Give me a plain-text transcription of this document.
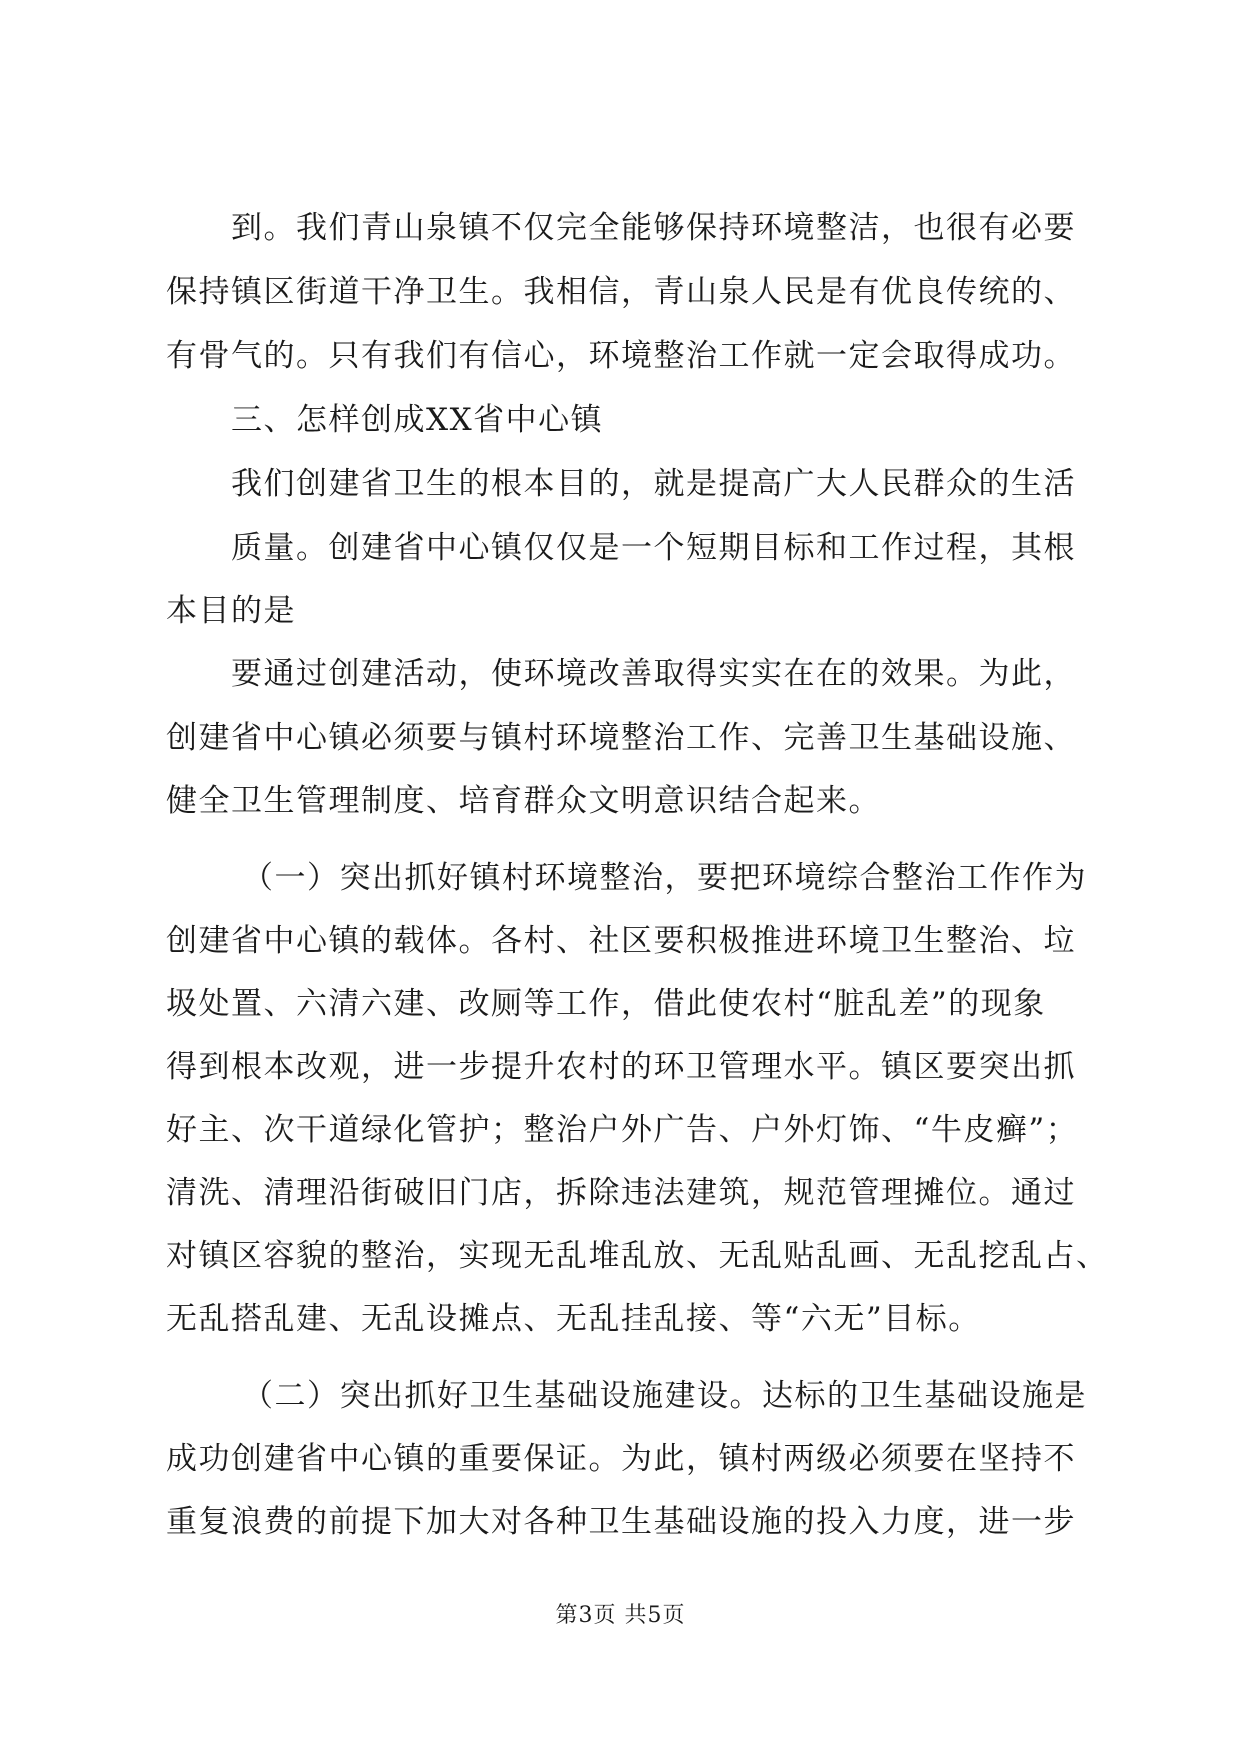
到。我们青山泉镇不仅完全能够保持环境整洁，也很有必要
保持镇区街道干净卫生。我相信，青山泉人民是有优良传统的、
有骨气的。只有我们有信心，环境整治工作就一定会取得成功。
三、怎样创成XX省中心镇
我们创建省卫生的根本目的，就是提高广大人民群众的生活
质量。创建省中心镇仅仅是一个短期目标和工作过程，其根
本目的是
要通过创建活动，使环境改善取得实实在在的效果。为此，
创建省中心镇必须要与镇村环境整治工作、完善卫生基础设施、
健全卫生管理制度、培育群众文明意识结合起来。
（一）突出抓好镇村环境整治，要把环境综合整治工作作为
创建省中心镇的载体。各村、社区要积极推进环境卫生整治、垃
圾处置、六清六建、改厕等工作，借此使农村“脏乱差”的现象
得到根本改观，进一步提升农村的环卫管理水平。镇区要突出抓
好主、次干道绿化管护；整治户外广告、户外灯饰、“牛皮癣”；
清洗、清理沿街破旧门店，拆除违法建筑，规范管理摊位。通过
对镇区容貌的整治，实现无乱堆乱放、无乱贴乱画、无乱挖乱占、
无乱搭乱建、无乱设摊点、无乱挂乱接、等“六无”目标。
（二）突出抓好卫生基础设施建设。达标的卫生基础设施是
成功创建省中心镇的重要保证。为此，镇村两级必须要在坚持不
重复浪费的前提下加大对各种卫生基础设施的投入力度，进一步
第3页 共5页
